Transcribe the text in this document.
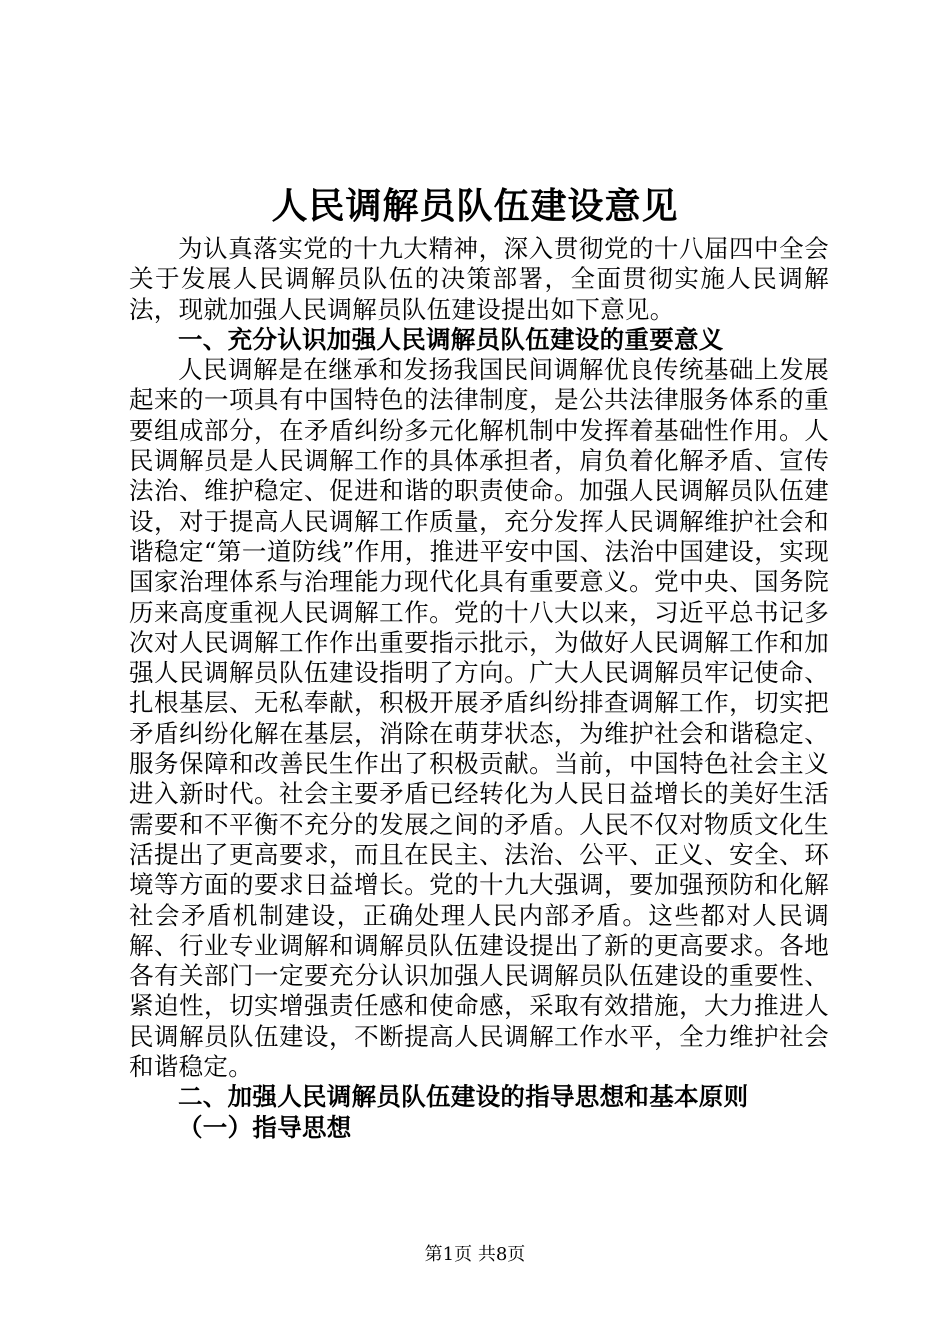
人民调解员队伍建设意见

为认真落实党的十九大精神，深入贯彻党的十八届四中全会关于发展人民调解员队伍的决策部署，全面贯彻实施人民调解法，现就加强人民调解员队伍建设提出如下意见。

一、充分认识加强人民调解员队伍建设的重要意义

人民调解是在继承和发扬我国民间调解优良传统基础上发展起来的一项具有中国特色的法律制度，是公共法律服务体系的重要组成部分，在矛盾纠纷多元化解机制中发挥着基础性作用。人民调解员是人民调解工作的具体承担者，肩负着化解矛盾、宣传法治、维护稳定、促进和谐的职责使命。加强人民调解员队伍建设，对于提高人民调解工作质量，充分发挥人民调解维护社会和谐稳定“第一道防线”作用，推进平安中国、法治中国建设，实现国家治理体系与治理能力现代化具有重要意义。党中央、国务院历来高度重视人民调解工作。党的十八大以来，习近平总书记多次对人民调解工作作出重要指示批示，为做好人民调解工作和加强人民调解员队伍建设指明了方向。广大人民调解员牢记使命、扎根基层、无私奉献，积极开展矛盾纠纷排查调解工作，切实把矛盾纠纷化解在基层，消除在萌芽状态，为维护社会和谐稳定、服务保障和改善民生作出了积极贡献。当前，中国特色社会主义进入新时代。社会主要矛盾已经转化为人民日益增长的美好生活需要和不平衡不充分的发展之间的矛盾。人民不仅对物质文化生活提出了更高要求，而且在民主、法治、公平、正义、安全、环境等方面的要求日益增长。党的十九大强调，要加强预防和化解社会矛盾机制建设，正确处理人民内部矛盾。这些都对人民调解、行业专业调解和调解员队伍建设提出了新的更高要求。各地各有关部门一定要充分认识加强人民调解员队伍建设的重要性、紧迫性，切实增强责任感和使命感，采取有效措施，大力推进人民调解员队伍建设，不断提高人民调解工作水平，全力维护社会和谐稳定。

二、加强人民调解员队伍建设的指导思想和基本原则

（一）指导思想

第1页 共8页
